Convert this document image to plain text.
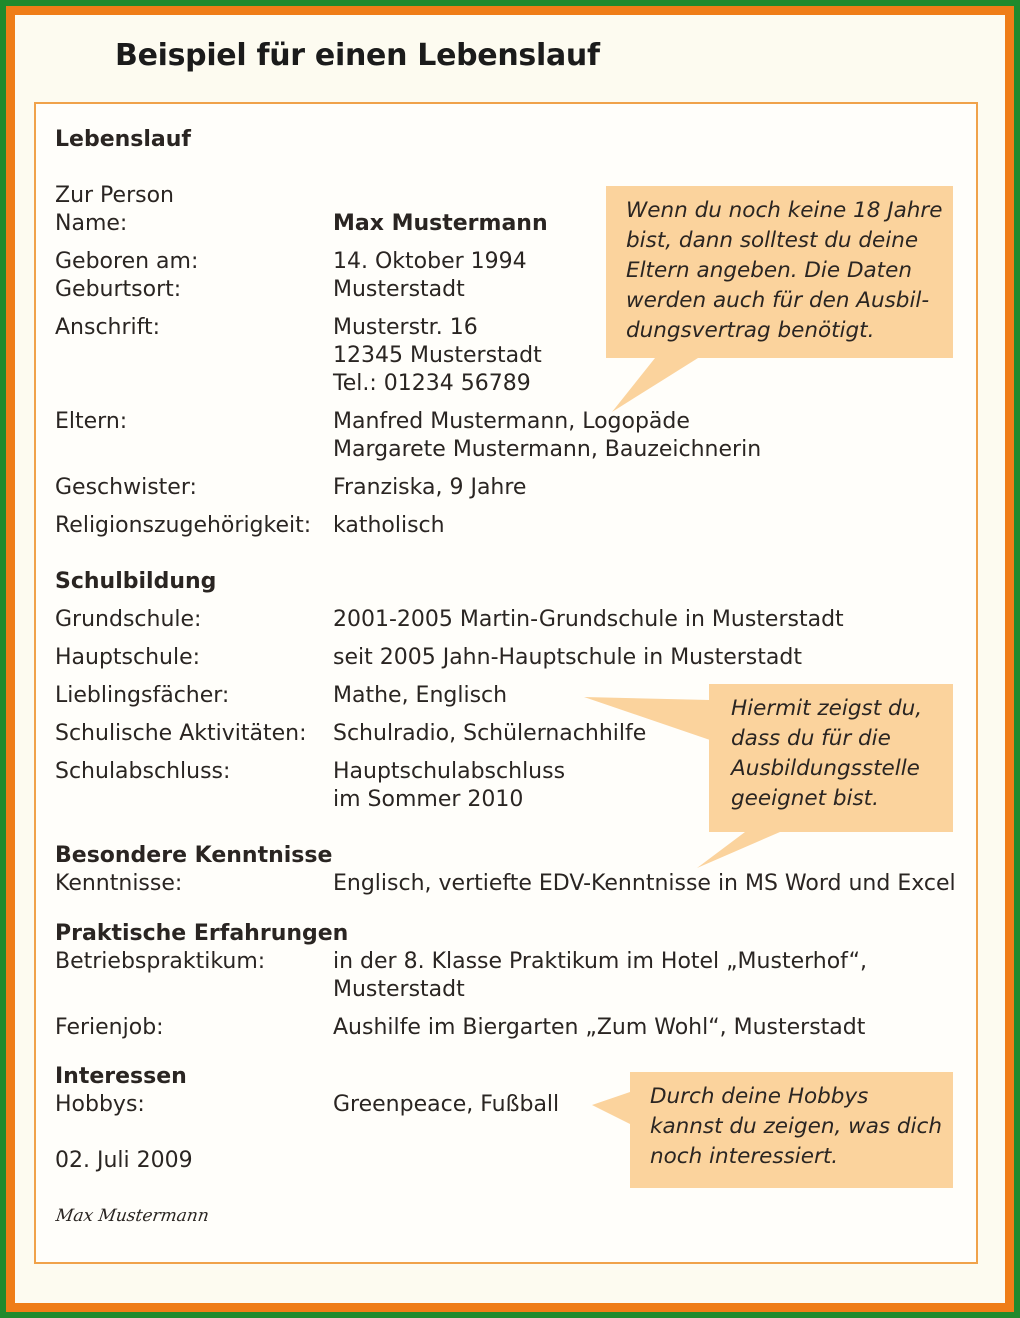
Beispiel für einen Lebenslauf
Lebenslauf
Zur Person
Name:	Max Mustermann
Geboren am:	14. Oktober 1994
Geburtsort:	Musterstadt
Anschrift:	Musterstr. 16
12345 Musterstadt
Tel.: 01234 56789
Eltern:	Manfred Mustermann, Logopäde
Margarete Mustermann, Bauzeichnerin
Geschwister:	Franziska, 9 Jahre
Religionszugehörigkeit: katholisch
Schulbildung
Grundschule:	2001-2005 Martin-Grundschule in Musterstadt
Hauptschule:	seit 2005 Jahn-Hauptschule in Musterstadt
Lieblingsfächer:	Mathe, Englisch
Schulische Aktivitäten: Schulradio, Schülernachhilfe
Schulabschluss:	Hauptschulabschluss
im Sommer 2010
Besondere Kenntnisse
Kenntnisse:	Englisch, vertiefte EDV-Kenntnisse in MS Word und Excel
Praktische Erfahrungen
Betriebspraktikum:	in der 8. Klasse Praktikum im Hotel „Musterhof“,
Musterstadt
Ferienjob:	Aushilfe im Biergarten „Zum Wohl“, Musterstadt
Interessen
Hobbys:	Greenpeace, Fußball
02. Juli 2009
Max Mustermann
Wenn du noch keine 18 Jahre
bist, dann solltest du deine
Eltern angeben. Die Daten
werden auch für den Ausbil-
dungsvertrag benötigt.
Hiermit zeigst du,
dass du für die
Ausbildungsstelle
geeignet bist.
Durch deine Hobbys
kannst du zeigen, was dich
noch interessiert.
